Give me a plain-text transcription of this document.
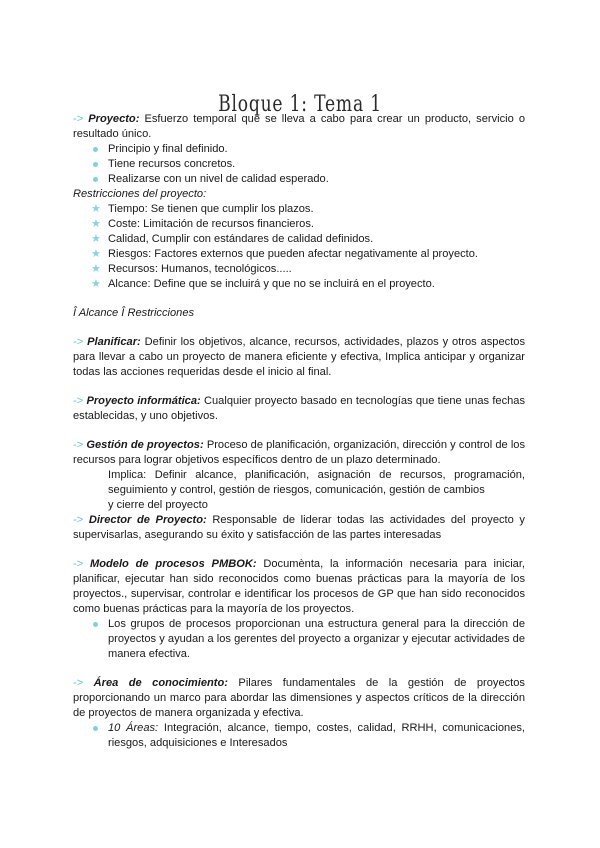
Bloque 1: Tema 1

-> Proyecto: Esfuerzo temporal que se lleva a cabo para crear un producto, servicio o resultado único.

Principio y final definido.
Tiene recursos concretos.
Realizarse con un nivel de calidad esperado.

Restricciones del proyecto:

★ Tiempo: Se tienen que cumplir los plazos.
★ Coste: Limitación de recursos financieros.
★ Calidad, Cumplir con estándares de calidad definidos.
★ Riesgos: Factores externos que pueden afectar negativamente al proyecto.
★ Recursos: Humanos, tecnológicos.....
★ Alcance: Define que se incluirá y que no se incluirá en el proyecto.

Î Alcance Î Restricciones

-> Planificar: Definir los objetivos, alcance, recursos, actividades, plazos y otros aspectos para llevar a cabo un proyecto de manera eficiente y efectiva, Implica anticipar y organizar todas las acciones requeridas desde el inicio al final.

-> Proyecto informática: Cualquier proyecto basado en tecnologías que tiene unas fechas establecidas, y uno objetivos.

-> Gestión de proyectos: Proceso de planificación, organización, dirección y control de los recursos para lograr objetivos específicos dentro de un plazo determinado.

Implica: Definir alcance, planificación, asignación de recursos, programación, seguimiento y control, gestión de riesgos, comunicación, gestión de cambios

y cierre del proyecto

-> Director de Proyecto: Responsable de liderar todas las actividades del proyecto y supervisarlas, asegurando su éxito y satisfacción de las partes interesadas

-> Modelo de procesos PMBOK: Documènta, la información necesaria para iniciar, planificar, ejecutar han sido reconocidos como buenas prácticas para la mayoría de los proyectos., supervisar, controlar e identificar los procesos de GP que han sido reconocidos como buenas prácticas para la mayoría de los proyectos.

Los grupos de procesos proporcionan una estructura general para la dirección de proyectos y ayudan a los gerentes del proyecto a organizar y ejecutar actividades de manera efectiva.

-> Área de conocimiento: Pilares fundamentales de la gestión de proyectos proporcionando un marco para abordar las dimensiones y aspectos críticos de la dirección de proyectos de manera organizada y efectiva.

10 Áreas: Integración, alcance, tiempo, costes, calidad, RRHH, comunicaciones, riesgos, adquisiciones e Interesados
